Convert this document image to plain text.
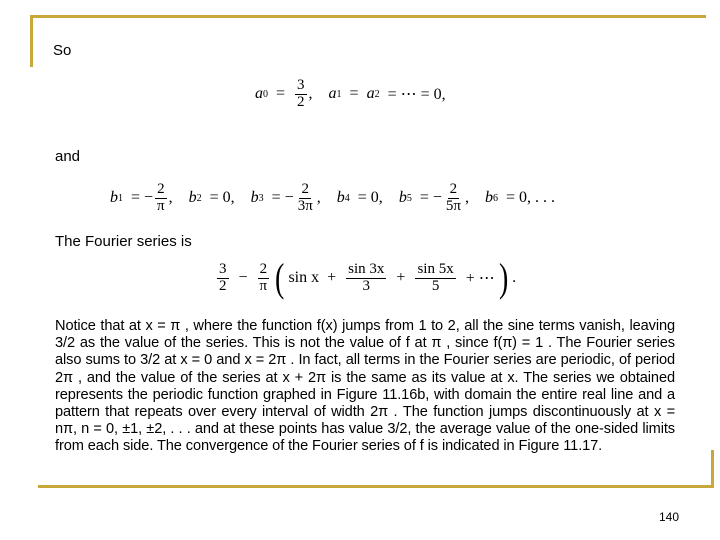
So
a $0 = \frac{3}{2}$ , a 1 = a 2 = ⋯ = 0,
and
b 1 = − $\frac{2}{\pi}$ , b 2 = 0, b 3 = − $\frac{2}{3\pi}$ , b 4 = 0, b 5 = − $\frac{2}{5\pi}$ , b 6 = 0, . . .
The Fourier series is
$\frac{3}{2} - \frac{2}{\pi}$ ( $\sin x + \frac{\sin 3x}{3} + \frac{\sin 5x}{5}$ + ⋯ ) .
Notice that at x = π , where the function f(x) jumps from 1 to 2, all the sine terms vanish, leaving 3/2 as the value of the series. This is not the value of f at π , since f(π) = 1 . The Fourier series also sums to 3/2 at x = 0 and x = 2π . In fact, all terms in the Fourier series are periodic, of period 2π , and the value of the series at x + 2π is the same as its value at x. The series we obtained represents the periodic function graphed in Figure 11.16b, with domain the entire real line and a pattern that repeats over every interval of width 2π . The function jumps discontinuously at x = nπ, n = 0, ±1, ±2, . . . and at these points has value 3/2, the average value of the one-sided limits from each side. The convergence of the Fourier series of f is indicated in Figure 11.17.
140
